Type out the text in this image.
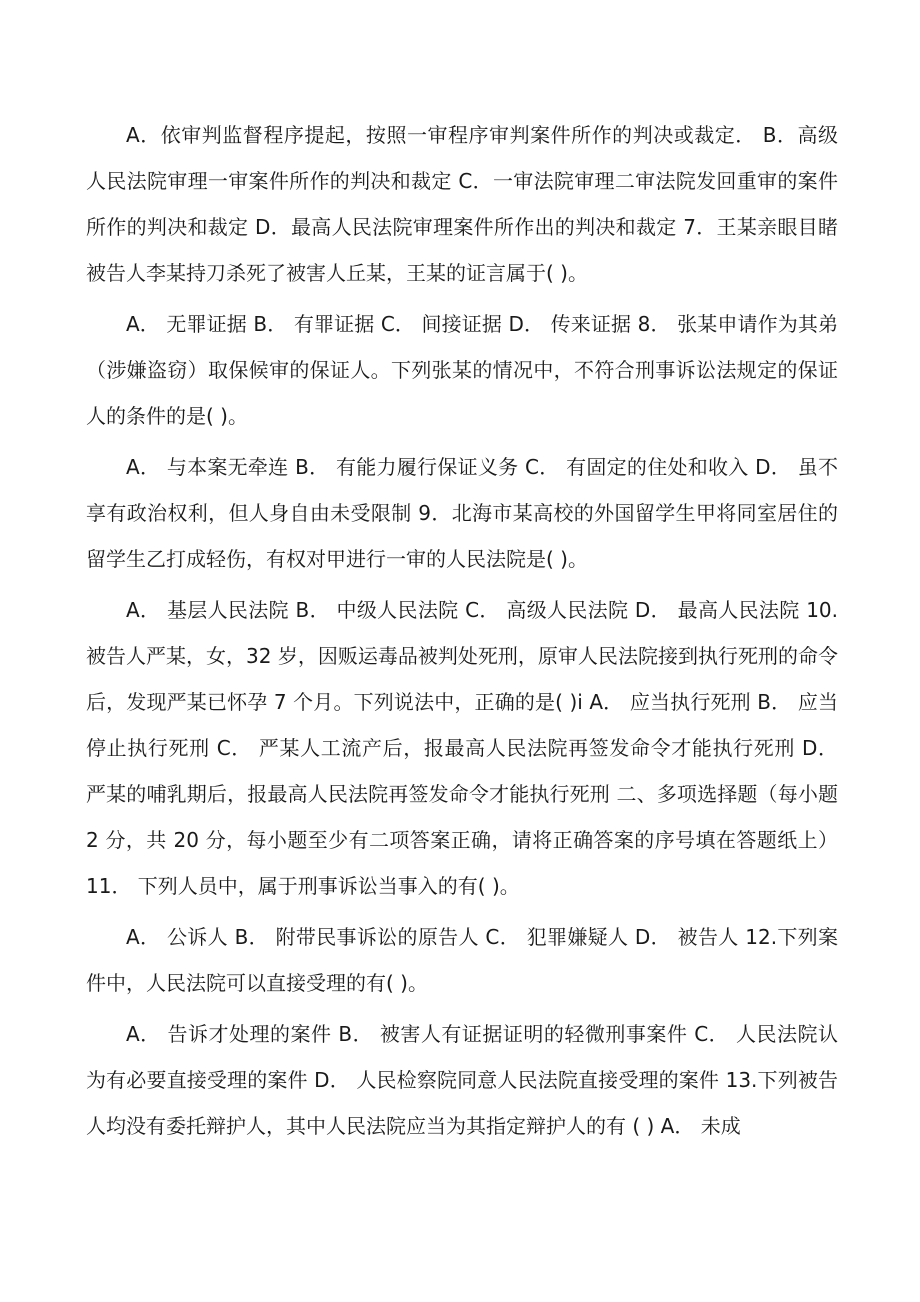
A．依审判监督程序提起，按照一审程序审判案件所作的判决或裁定． B．高级人民法院审理一审案件所作的判决和裁定 C．一审法院审理二审法院发回重审的案件所作的判决和裁定 D．最高人民法院审理案件所作出的判决和裁定 7．王某亲眼目睹被告人李某持刀杀死了被害人丘某，王某的证言属于( )。

A． 无罪证据 B． 有罪证据 C． 间接证据 D． 传来证据 8． 张某申请作为其弟（涉嫌盗窃）取保候审的保证人。下列张某的情况中，不符合刑事诉讼法规定的保证人的条件的是( )。

A． 与本案无牵连 B． 有能力履行保证义务 C． 有固定的住处和收入 D． 虽不享有政治权利，但人身自由未受限制 9．北海市某高校的外国留学生甲将同室居住的留学生乙打成轻伤，有权对甲进行一审的人民法院是( )。

A． 基层人民法院 B． 中级人民法院 C． 高级人民法院 D． 最高人民法院 10.被告人严某，女，32 岁，因贩运毒品被判处死刑，原审人民法院接到执行死刑的命令后，发现严某已怀孕 7 个月。下列说法中，正确的是( )i A． 应当执行死刑 B． 应当停止执行死刑 C． 严某人工流产后，报最高人民法院再签发命令才能执行死刑 D． 严某的哺乳期后，报最高人民法院再签发命令才能执行死刑 二、多项选择题（每小题 2 分，共 20 分，每小题至少有二项答案正确，请将正确答案的序号填在答题纸上） 11． 下列人员中，属于刑事诉讼当事入的有( )。

A． 公诉人 B． 附带民事诉讼的原告人 C． 犯罪嫌疑人 D． 被告人 12.下列案件中，人民法院可以直接受理的有( )。

A． 告诉才处理的案件 B． 被害人有证据证明的轻微刑事案件 C． 人民法院认为有必要直接受理的案件 D． 人民检察院同意人民法院直接受理的案件 13.下列被告人均没有委托辩护人，其中人民法院应当为其指定辩护人的有 ( ) A． 未成
